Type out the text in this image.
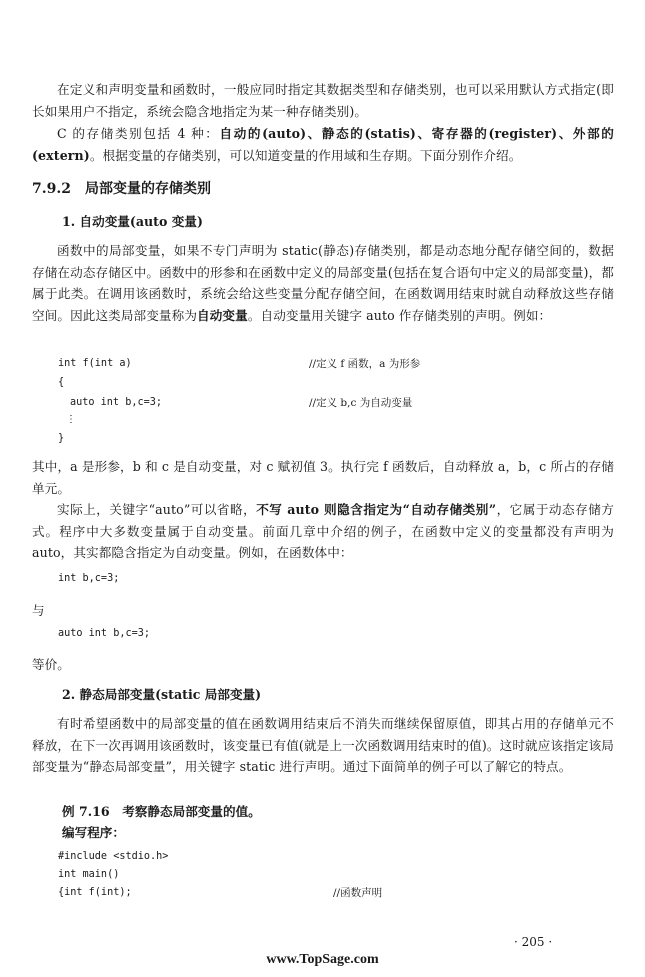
在定义和声明变量和函数时，一般应同时指定其数据类型和存储类别，也可以采用默认方式指定(即长如果用户不指定，系统会隐含地指定为某一种存储类别)。

C 的存储类别包括 4 种：自动的(auto)、静态的(statis)、寄存器的(register)、外部的(extern)。根据变量的存储类别，可以知道变量的作用域和生存期。下面分别作介绍。

7.9.2　局部变量的存储类别
1. 自动变量(auto 变量)

函数中的局部变量，如果不专门声明为 static(静态)存储类别，都是动态地分配存储空间的，数据存储在动态存储区中。函数中的形参和在函数中定义的局部变量(包括在复合语句中定义的局部变量)，都属于此类。在调用该函数时，系统会给这些变量分配存储空间，在函数调用结束时就自动释放这些存储空间。因此这类局部变量称为自动变量。自动变量用关键字 auto 作存储类别的声明。例如：

int f(int a)	//定义 f 函数，a 为形参
{
auto int b,c=3;	//定义 b,c 为自动变量
⋮
}

其中，a 是形参，b 和 c 是自动变量，对 c 赋初值 3。执行完 f 函数后，自动释放 a，b，c 所占的存储单元。

实际上，关键字“auto”可以省略，不写 auto 则隐含指定为“自动存储类别”，它属于动态存储方式。程序中大多数变量属于自动变量。前面几章中介绍的例子，在函数中定义的变量都没有声明为 auto，其实都隐含指定为自动变量。例如，在函数体中：

int b,c=3;
与
auto int b,c=3;
等价。
2. 静态局部变量(static 局部变量)

有时希望函数中的局部变量的值在函数调用结束后不消失而继续保留原值，即其占用的存储单元不释放，在下一次再调用该函数时，该变量已有值(就是上一次函数调用结束时的值)。这时就应该指定该局部变量为“静态局部变量”，用关键字 static 进行声明。通过下面简单的例子可以了解它的特点。

例 7.16　考察静态局部变量的值。
编写程序：
#include <stdio.h>
int main()
{int f(int);	//函数声明
· 205 ·
www.TopSage.com
